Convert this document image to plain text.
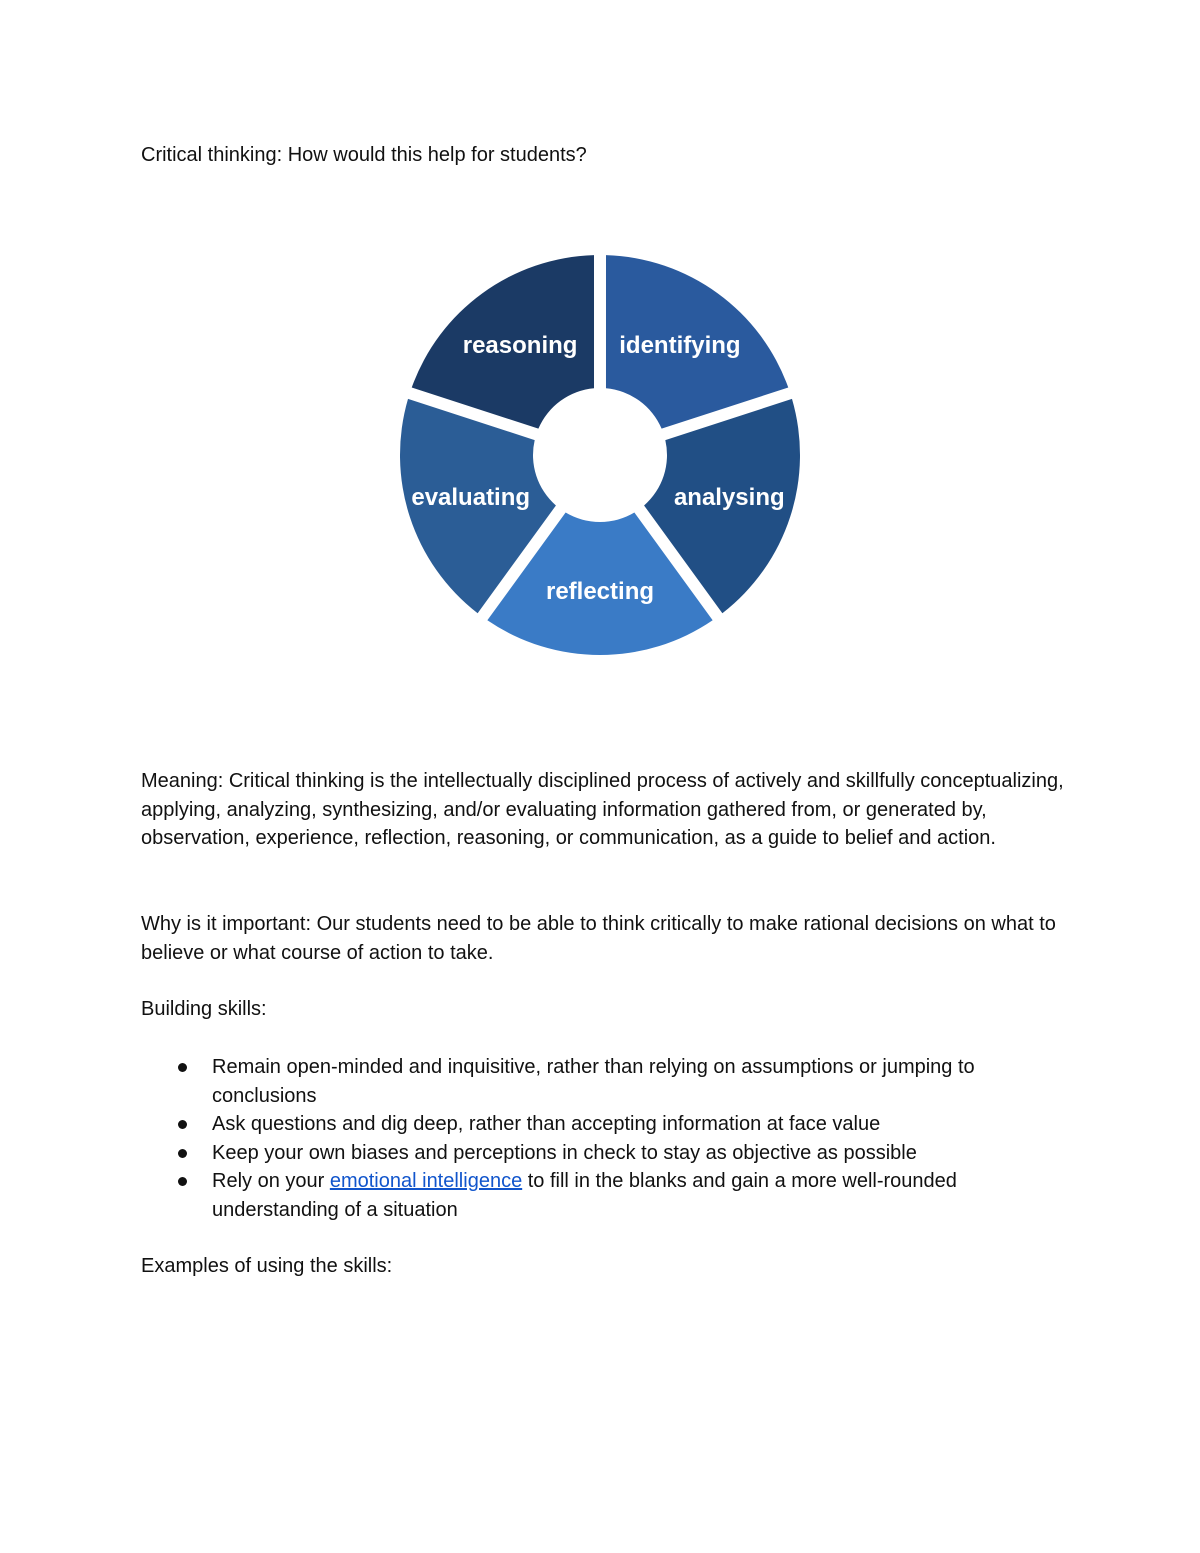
Critical thinking: How would this help for students?

identifying
analysing
reflecting
evaluating
reasoning

Meaning: Critical thinking is the intellectually disciplined process of actively and skillfully conceptualizing, applying, analyzing, synthesizing, and/or evaluating information gathered from, or generated by, observation, experience, reflection, reasoning, or communication, as a guide to belief and action.

Why is it important: Our students need to be able to think critically to make rational decisions on what to believe or what course of action to take.

Building skills:

Remain open-minded and inquisitive, rather than relying on assumptions or jumping to conclusions
Ask questions and dig deep, rather than accepting information at face value
Keep your own biases and perceptions in check to stay as objective as possible
Rely on your emotional intelligence to fill in the blanks and gain a more well-rounded understanding of a situation

Examples of using the skills:
